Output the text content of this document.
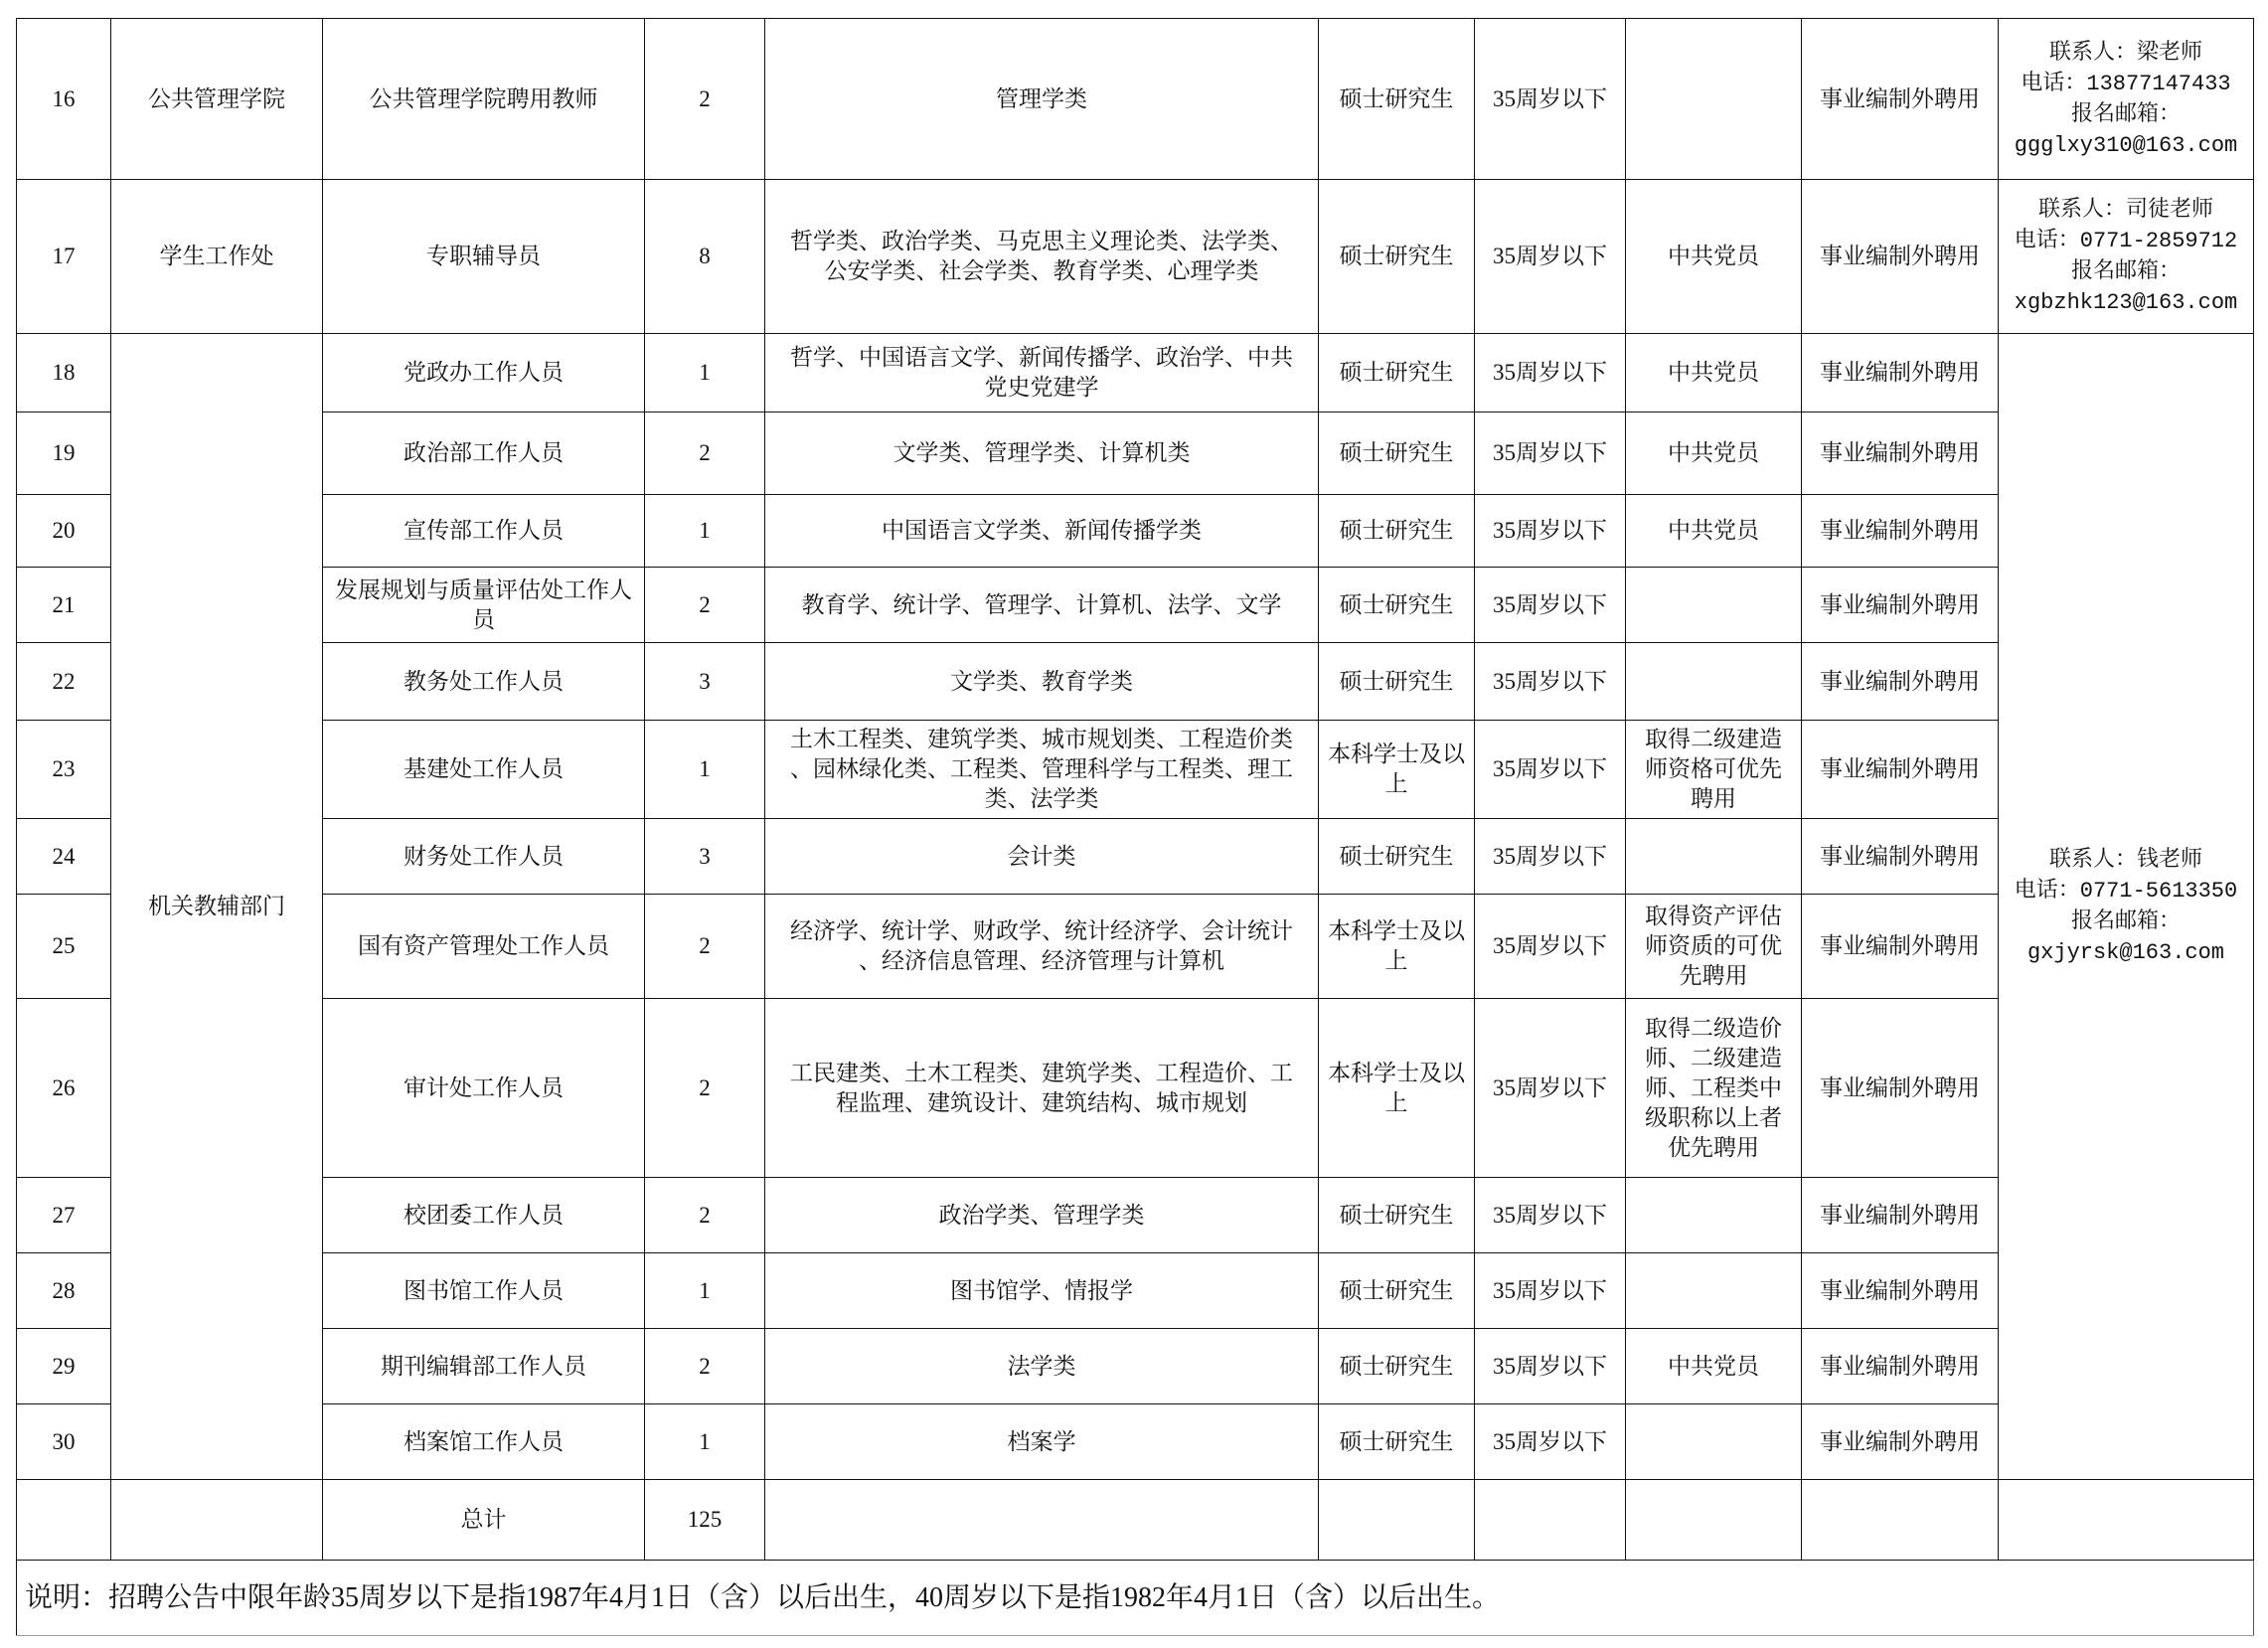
16	公共管理学院	公共管理学院聘用教师	2	管理学类	硕士研究生	35周岁以下		事业编制外聘用	联系人：梁老师
电话：13877147433
报名邮箱：
ggglxy310@163.com

17	学生工作处	专职辅导员	8	哲学类、政治学类、马克思主义理论类、法学类、
公安学类、社会学类、教育学类、心理学类	硕士研究生	35周岁以下	中共党员	事业编制外聘用	联系人：司徒老师
电话：0771-2859712
报名邮箱：
xgbzhk123@163.com

18	机关教辅部门	党政办工作人员	1	哲学、中国语言文学、新闻传播学、政治学、中共
党史党建学	硕士研究生	35周岁以下	中共党员	事业编制外聘用	联系人：钱老师
电话：0771-5613350
报名邮箱：
gxjyrsk@163.com

19		政治部工作人员	2	文学类、管理学类、计算机类	硕士研究生	35周岁以下	中共党员	事业编制外聘用	
20		宣传部工作人员	1	中国语言文学类、新闻传播学类	硕士研究生	35周岁以下	中共党员	事业编制外聘用	
21		发展规划与质量评估处工作人
员	2	教育学、统计学、管理学、计算机、法学、文学	硕士研究生	35周岁以下		事业编制外聘用	
22		教务处工作人员	3	文学类、教育学类	硕士研究生	35周岁以下		事业编制外聘用	
23		基建处工作人员	1	土木工程类、建筑学类、城市规划类、工程造价类
、园林绿化类、工程类、管理科学与工程类、理工
类、法学类	本科学士及以
上	35周岁以下	取得二级建造
师资格可优先
聘用	事业编制外聘用	
24		财务处工作人员	3	会计类	硕士研究生	35周岁以下		事业编制外聘用	
25		国有资产管理处工作人员	2	经济学、统计学、财政学、统计经济学、会计统计
、经济信息管理、经济管理与计算机	本科学士及以
上	35周岁以下	取得资产评估
师资质的可优
先聘用	事业编制外聘用	
26		审计处工作人员	2	工民建类、土木工程类、建筑学类、工程造价、工
程监理、建筑设计、建筑结构、城市规划	本科学士及以
上	35周岁以下	取得二级造价
师、二级建造
师、工程类中
级职称以上者
优先聘用	事业编制外聘用	
27		校团委工作人员	2	政治学类、管理学类	硕士研究生	35周岁以下		事业编制外聘用	
28		图书馆工作人员	1	图书馆学、情报学	硕士研究生	35周岁以下		事业编制外聘用	
29		期刊编辑部工作人员	2	法学类	硕士研究生	35周岁以下	中共党员	事业编制外聘用	
30		档案馆工作人员	1	档案学	硕士研究生	35周岁以下		事业编制外聘用	
		总计	125						
说明：招聘公告中限年龄35周岁以下是指1987年4月1日（含）以后出生，40周岁以下是指1982年4月1日（含）以后出生。									
